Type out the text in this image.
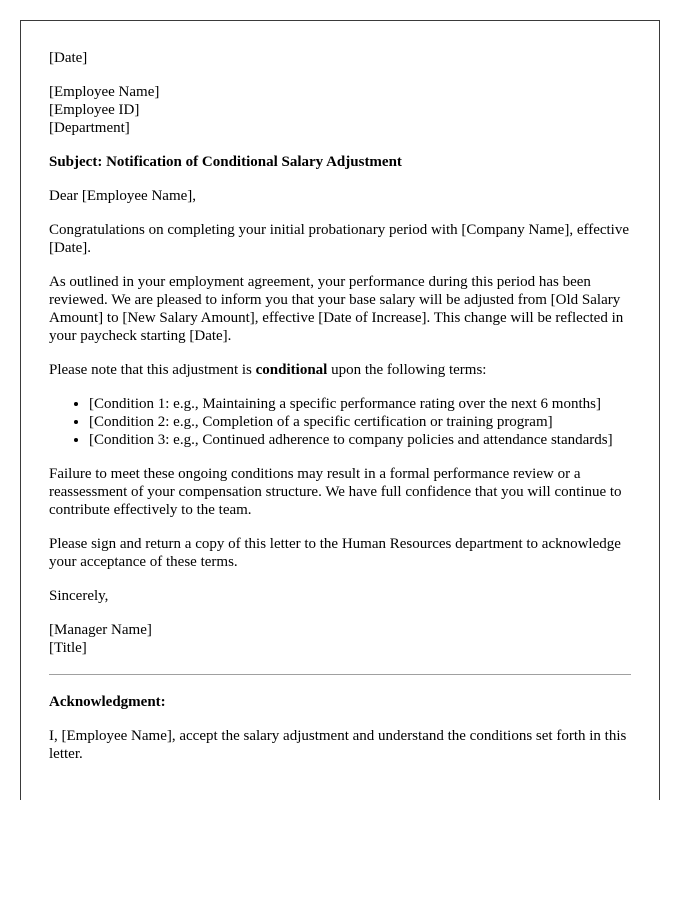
[Date]

[Employee Name]

[Employee ID]

[Department]

Subject: Notification of Conditional Salary Adjustment

Dear [Employee Name],

Congratulations on completing your initial probationary period with [Company Name], effective [Date].

As outlined in your employment agreement, your performance during this period has been reviewed. We are pleased to inform you that your base salary will be adjusted from [Old Salary Amount] to [New Salary Amount], effective [Date of Increase]. This change will be reflected in your paycheck starting [Date].

Please note that this adjustment is conditional upon the following terms:

• [Condition 1: e.g., Maintaining a specific performance rating over the next 6 months]
• [Condition 2: e.g., Completion of a specific certification or training program]
• [Condition 3: e.g., Continued adherence to company policies and attendance standards]

Failure to meet these ongoing conditions may result in a formal performance review or a reassessment of your compensation structure. We have full confidence that you will continue to contribute effectively to the team.

Please sign and return a copy of this letter to the Human Resources department to acknowledge your acceptance of these terms.

Sincerely,

[Manager Name]

[Title]

Acknowledgment:

I, [Employee Name], accept the salary adjustment and understand the conditions set forth in this letter.
